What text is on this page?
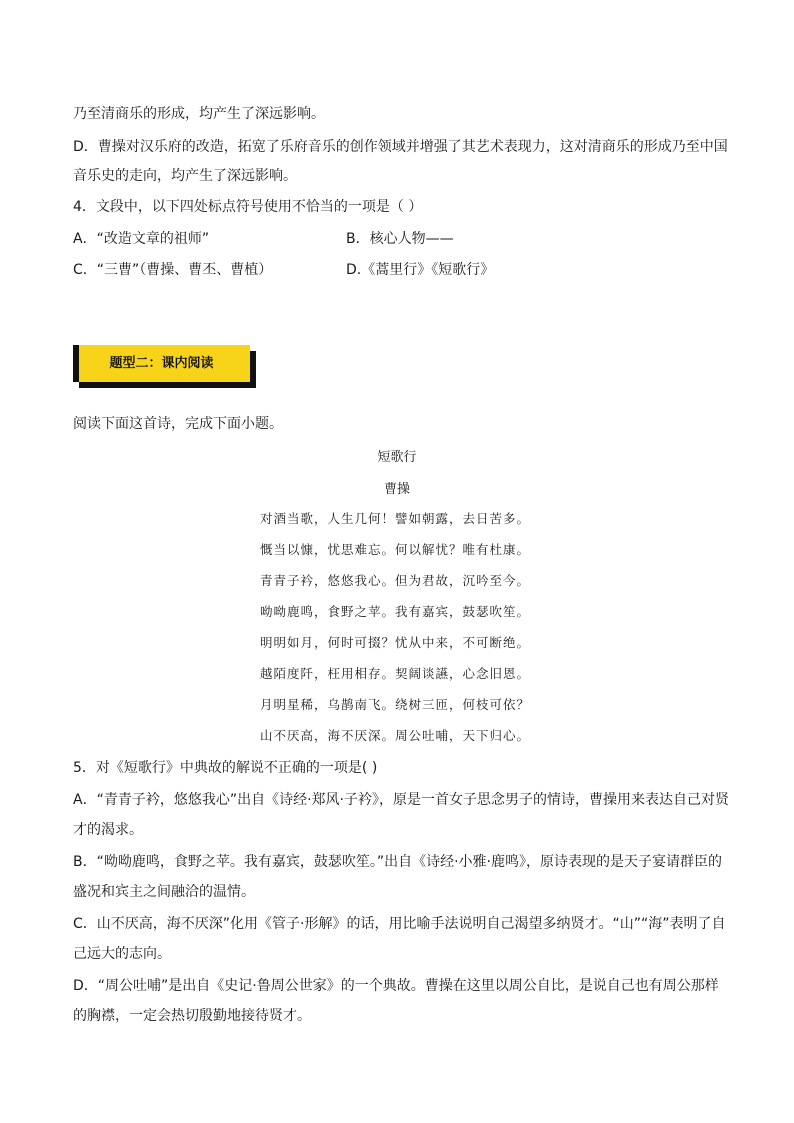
乃至清商乐的形成，均产生了深远影响。
D．曹操对汉乐府的改造，拓宽了乐府音乐的创作领域并增强了其艺术表现力，这对清商乐的形成乃至中国
音乐史的走向，均产生了深远影响。
4．文段中，以下四处标点符号使用不恰当的一项是（ ）
A．“改造文章的祖师”	B．核心人物——
C．“三曹”（曹操、曹丕、曹植）	D.《蒿里行》《短歌行》
题型二：课内阅读
阅读下面这首诗，完成下面小题。
短歌行
曹操
对酒当歌，人生几何！譬如朝露，去日苦多。
慨当以慷，忧思难忘。何以解忧？唯有杜康。
青青子衿，悠悠我心。但为君故，沉吟至今。
呦呦鹿鸣，食野之苹。我有嘉宾，鼓瑟吹笙。
明明如月，何时可掇？忧从中来，不可断绝。
越陌度阡，枉用相存。契阔谈讌，心念旧恩。
月明星稀，乌鹊南飞。绕树三匝，何枝可依？
山不厌高，海不厌深。周公吐哺，天下归心。
5．对《短歌行》中典故的解说不正确的一项是( )
A．“青青子衿，悠悠我心”出自《诗经·郑风·子衿》，原是一首女子思念男子的情诗，曹操用来表达自己对贤
才的渴求。
B．“呦呦鹿鸣，食野之苹。我有嘉宾，鼓瑟吹笙。”出自《诗经·小雅·鹿鸣》，原诗表现的是天子宴请群臣的
盛况和宾主之间融洽的温情。
C．山不厌高，海不厌深”化用《管子·形解》的话，用比喻手法说明自己渴望多纳贤才。“山”“海”表明了自
己远大的志向。
D．“周公吐哺”是出自《史记·鲁周公世家》的一个典故。曹操在这里以周公自比，是说自己也有周公那样
的胸襟，一定会热切殷勤地接待贤才。
